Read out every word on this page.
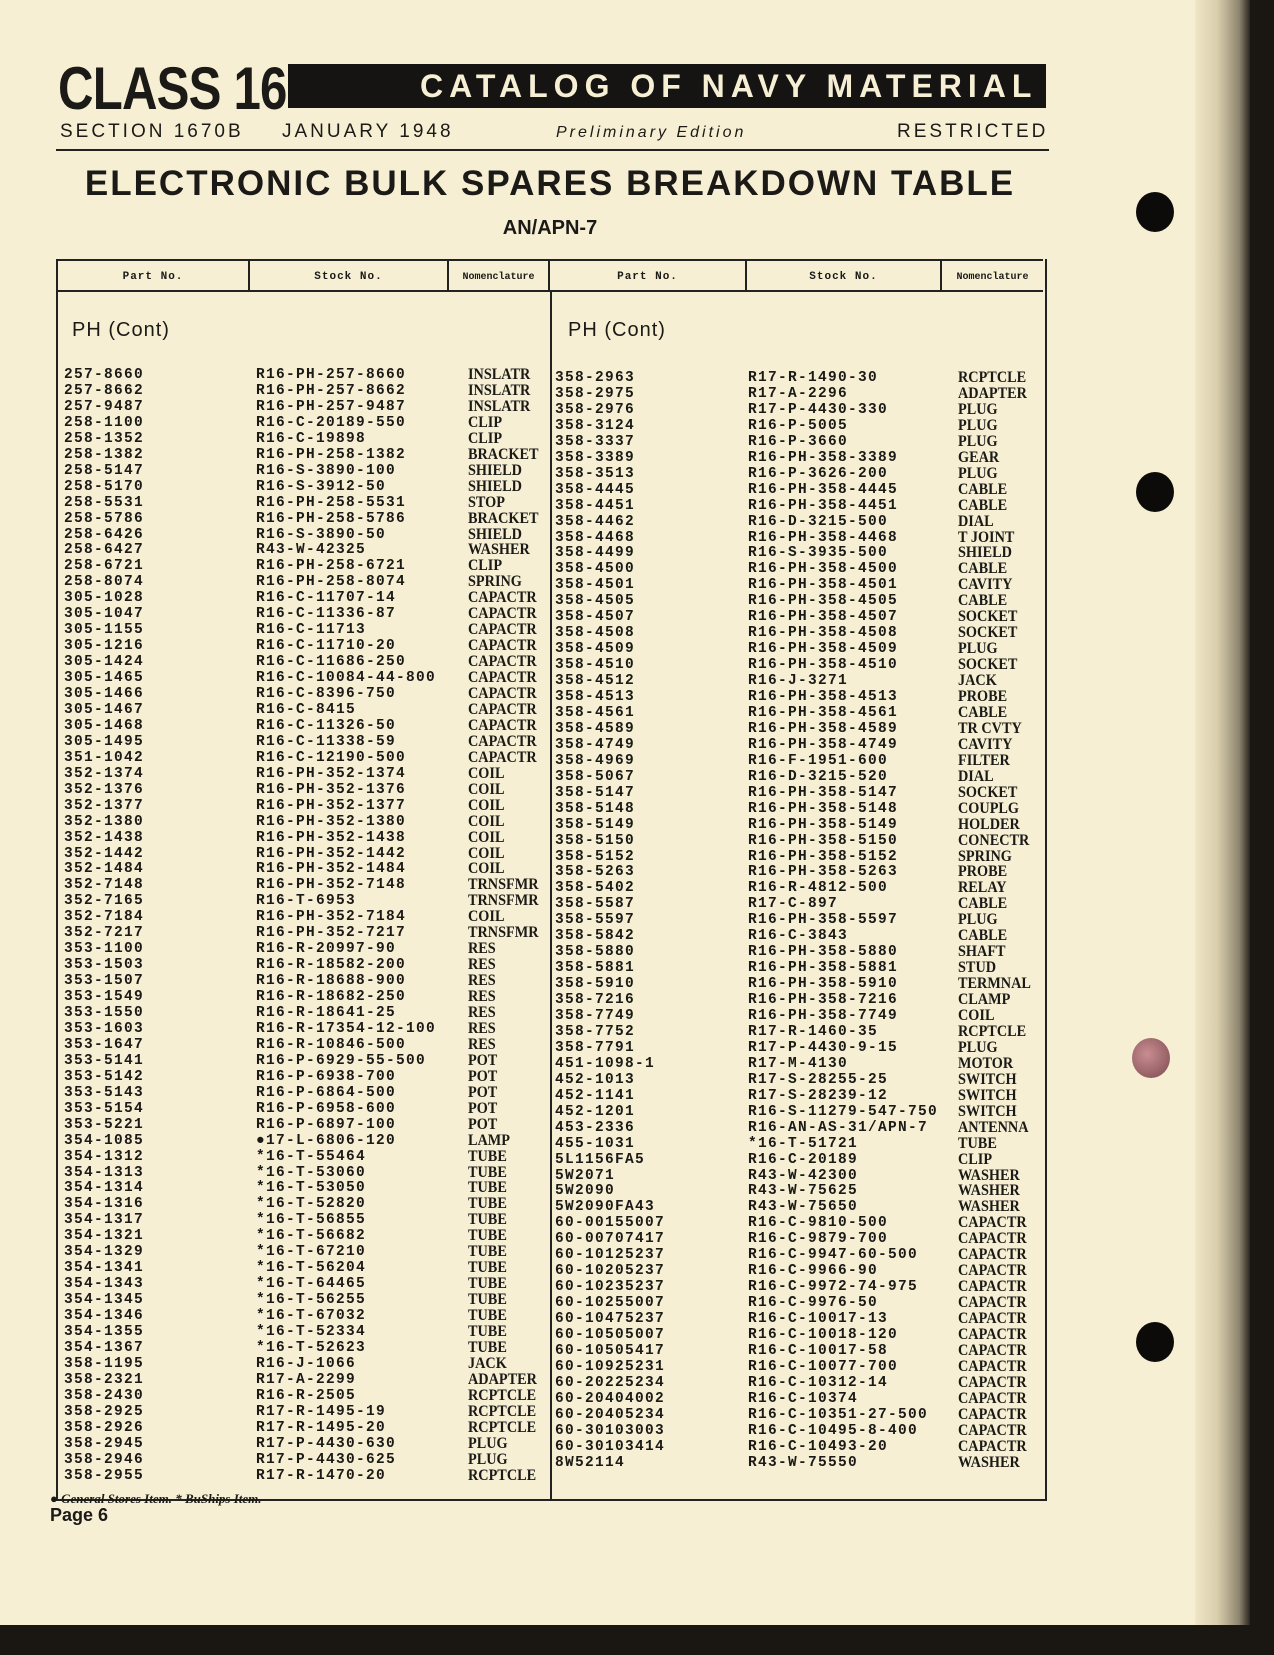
CLASS 16	CATALOG OF NAVY MATERIAL
SECTION 1670B JANUARY 1948	Preliminary Edition	RESTRICTED
ELECTRONIC BULK SPARES BREAKDOWN TABLE
AN/APN-7
Part No.	Stock No.	Nomenclature	Part No.	Stock No.	Nomenclature
PH (Cont)	PH (Cont)
257-8660	R16-PH-257-8660	INSLATR
257-8662	R16-PH-257-8662	INSLATR
257-9487	R16-PH-257-9487	INSLATR
258-1100	R16-C-20189-550	CLIP
258-1352	R16-C-19898	CLIP
258-1382	R16-PH-258-1382	BRACKET
258-5147	R16-S-3890-100	SHIELD
258-5170	R16-S-3912-50	SHIELD
258-5531	R16-PH-258-5531	STOP
258-5786	R16-PH-258-5786	BRACKET
258-6426	R16-S-3890-50	SHIELD
258-6427	R43-W-42325	WASHER
258-6721	R16-PH-258-6721	CLIP
258-8074	R16-PH-258-8074	SPRING
305-1028	R16-C-11707-14	CAPACTR
305-1047	R16-C-11336-87	CAPACTR
305-1155	R16-C-11713	CAPACTR
305-1216	R16-C-11710-20	CAPACTR
305-1424	R16-C-11686-250	CAPACTR
305-1465	R16-C-10084-44-800 CAPACTR
305-1466	R16-C-8396-750	CAPACTR
305-1467	R16-C-8415	CAPACTR
305-1468	R16-C-11326-50	CAPACTR
305-1495	R16-C-11338-59	CAPACTR
351-1042	R16-C-12190-500	CAPACTR
352-1374	R16-PH-352-1374	COIL
352-1376	R16-PH-352-1376	COIL
352-1377	R16-PH-352-1377	COIL
352-1380	R16-PH-352-1380	COIL
352-1438	R16-PH-352-1438	COIL
352-1442	R16-PH-352-1442	COIL
352-1484	R16-PH-352-1484	COIL
352-7148	R16-PH-352-7148	TRNSFMR
352-7165	R16-T-6953	TRNSFMR
352-7184	R16-PH-352-7184	COIL
352-7217	R16-PH-352-7217	TRNSFMR
353-1100	R16-R-20997-90	RES
353-1503	R16-R-18582-200	RES
353-1507	R16-R-18688-900	RES
353-1549	R16-R-18682-250	RES
353-1550	R16-R-18641-25	RES
353-1603	R16-R-17354-12-100 RES
353-1647	R16-R-10846-500	RES
353-5141	R16-P-6929-55-500	POT
353-5142	R16-P-6938-700	POT
353-5143	R16-P-6864-500	POT
353-5154	R16-P-6958-600	POT
353-5221	R16-P-6897-100	POT
354-1085	●17-L-6806-120	LAMP
354-1312	*16-T-55464	TUBE
354-1313	*16-T-53060	TUBE
354-1314	*16-T-53050	TUBE
354-1316	*16-T-52820	TUBE
354-1317	*16-T-56855	TUBE
354-1321	*16-T-56682	TUBE
354-1329	*16-T-67210	TUBE
354-1341	*16-T-56204	TUBE
354-1343	*16-T-64465	TUBE
354-1345	*16-T-56255	TUBE
354-1346	*16-T-67032	TUBE
354-1355	*16-T-52334	TUBE
354-1367	*16-T-52623	TUBE
358-1195	R16-J-1066	JACK
358-2321	R17-A-2299	ADAPTER
358-2430	R16-R-2505	RCPTCLE
358-2925	R17-R-1495-19	RCPTCLE
358-2926	R17-R-1495-20	RCPTCLE
358-2945	R17-P-4430-630	PLUG
358-2946	R17-P-4430-625	PLUG
358-2955	R17-R-1470-20	RCPTCLE
358-2963	R17-R-1490-30	RCPTCLE
358-2975	R17-A-2296	ADAPTER
358-2976	R17-P-4430-330	PLUG
358-3124	R16-P-5005	PLUG
358-3337	R16-P-3660	PLUG
358-3389	R16-PH-358-3389	GEAR
358-3513	R16-P-3626-200	PLUG
358-4445	R16-PH-358-4445	CABLE
358-4451	R16-PH-358-4451	CABLE
358-4462	R16-D-3215-500	DIAL
358-4468	R16-PH-358-4468	T JOINT
358-4499	R16-S-3935-500	SHIELD
358-4500	R16-PH-358-4500	CABLE
358-4501	R16-PH-358-4501	CAVITY
358-4505	R16-PH-358-4505	CABLE
358-4507	R16-PH-358-4507	SOCKET
358-4508	R16-PH-358-4508	SOCKET
358-4509	R16-PH-358-4509	PLUG
358-4510	R16-PH-358-4510	SOCKET
358-4512	R16-J-3271	JACK
358-4513	R16-PH-358-4513	PROBE
358-4561	R16-PH-358-4561	CABLE
358-4589	R16-PH-358-4589	TR CVTY
358-4749	R16-PH-358-4749	CAVITY
358-4969	R16-F-1951-600	FILTER
358-5067	R16-D-3215-520	DIAL
358-5147	R16-PH-358-5147	SOCKET
358-5148	R16-PH-358-5148	COUPLG
358-5149	R16-PH-358-5149	HOLDER
358-5150	R16-PH-358-5150	CONECTR
358-5152	R16-PH-358-5152	SPRING
358-5263	R16-PH-358-5263	PROBE
358-5402	R16-R-4812-500	RELAY
358-5587	R17-C-897	CABLE
358-5597	R16-PH-358-5597	PLUG
358-5842	R16-C-3843	CABLE
358-5880	R16-PH-358-5880	SHAFT
358-5881	R16-PH-358-5881	STUD
358-5910	R16-PH-358-5910	TERMNAL
358-7216	R16-PH-358-7216	CLAMP
358-7749	R16-PH-358-7749	COIL
358-7752	R17-R-1460-35	RCPTCLE
358-7791	R17-P-4430-9-15	PLUG
451-1098-1	R17-M-4130	MOTOR
452-1013	R17-S-28255-25	SWITCH
452-1141	R17-S-28239-12	SWITCH
452-1201	R16-S-11279-547-750 SWITCH
453-2336	R16-AN-AS-31/APN-7 ANTENNA
455-1031	*16-T-51721	TUBE
5L1156FA5	R16-C-20189	CLIP
5W2071	R43-W-42300	WASHER
5W2090	R43-W-75625	WASHER
5W2090FA43	R43-W-75650	WASHER
60-00155007	R16-C-9810-500	CAPACTR
60-00707417	R16-C-9879-700	CAPACTR
60-10125237	R16-C-9947-60-500	CAPACTR
60-10205237	R16-C-9966-90	CAPACTR
60-10235237	R16-C-9972-74-975	CAPACTR
60-10255007	R16-C-9976-50	CAPACTR
60-10475237	R16-C-10017-13	CAPACTR
60-10505007	R16-C-10018-120	CAPACTR
60-10505417	R16-C-10017-58	CAPACTR
60-10925231	R16-C-10077-700	CAPACTR
60-20225234	R16-C-10312-14	CAPACTR
60-20404002	R16-C-10374	CAPACTR
60-20405234	R16-C-10351-27-500 CAPACTR
60-30103003	R16-C-10495-8-400	CAPACTR
60-30103414	R16-C-10493-20	CAPACTR
8W52114	R43-W-75550	WASHER
● General Stores Item. * BuShips Item.
Page 6
